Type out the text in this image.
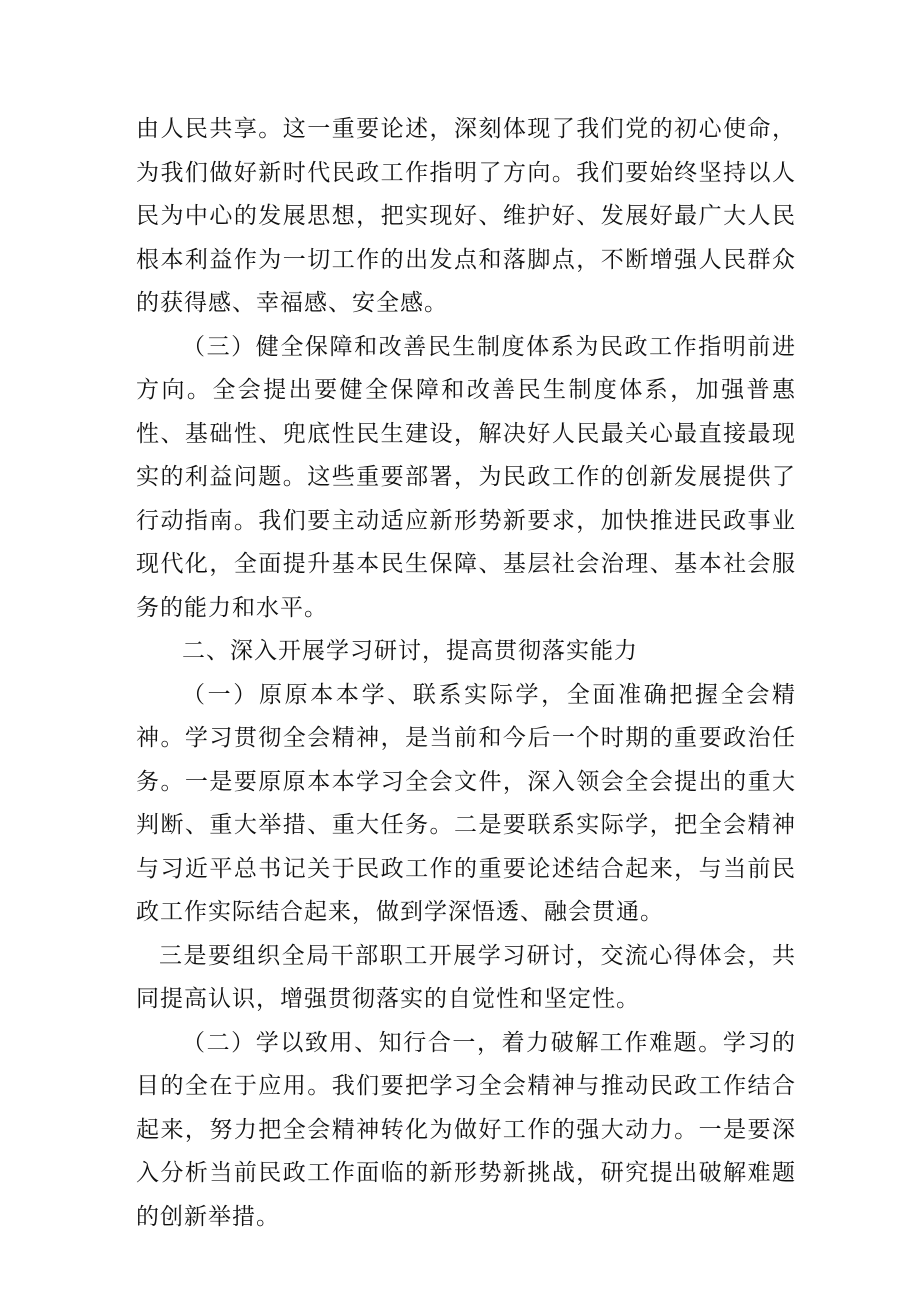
由人民共享。这一重要论述，深刻体现了我们党的初心使命，为我们做好新时代民政工作指明了方向。我们要始终坚持以人民为中心的发展思想，把实现好、维护好、发展好最广大人民根本利益作为一切工作的出发点和落脚点，不断增强人民群众的获得感、幸福感、安全感。

（三）健全保障和改善民生制度体系为民政工作指明前进方向。全会提出要健全保障和改善民生制度体系，加强普惠性、基础性、兜底性民生建设，解决好人民最关心最直接最现实的利益问题。这些重要部署，为民政工作的创新发展提供了行动指南。我们要主动适应新形势新要求，加快推进民政事业现代化，全面提升基本民生保障、基层社会治理、基本社会服务的能力和水平。

二、深入开展学习研讨，提高贯彻落实能力

（一）原原本本学、联系实际学，全面准确把握全会精神。学习贯彻全会精神，是当前和今后一个时期的重要政治任务。一是要原原本本学习全会文件，深入领会全会提出的重大判断、重大举措、重大任务。二是要联系实际学，把全会精神与习近平总书记关于民政工作的重要论述结合起来，与当前民政工作实际结合起来，做到学深悟透、融会贯通。

三是要组织全局干部职工开展学习研讨，交流心得体会，共同提高认识，增强贯彻落实的自觉性和坚定性。

（二）学以致用、知行合一，着力破解工作难题。学习的目的全在于应用。我们要把学习全会精神与推动民政工作结合起来，努力把全会精神转化为做好工作的强大动力。一是要深入分析当前民政工作面临的新形势新挑战，研究提出破解难题的创新举措。
